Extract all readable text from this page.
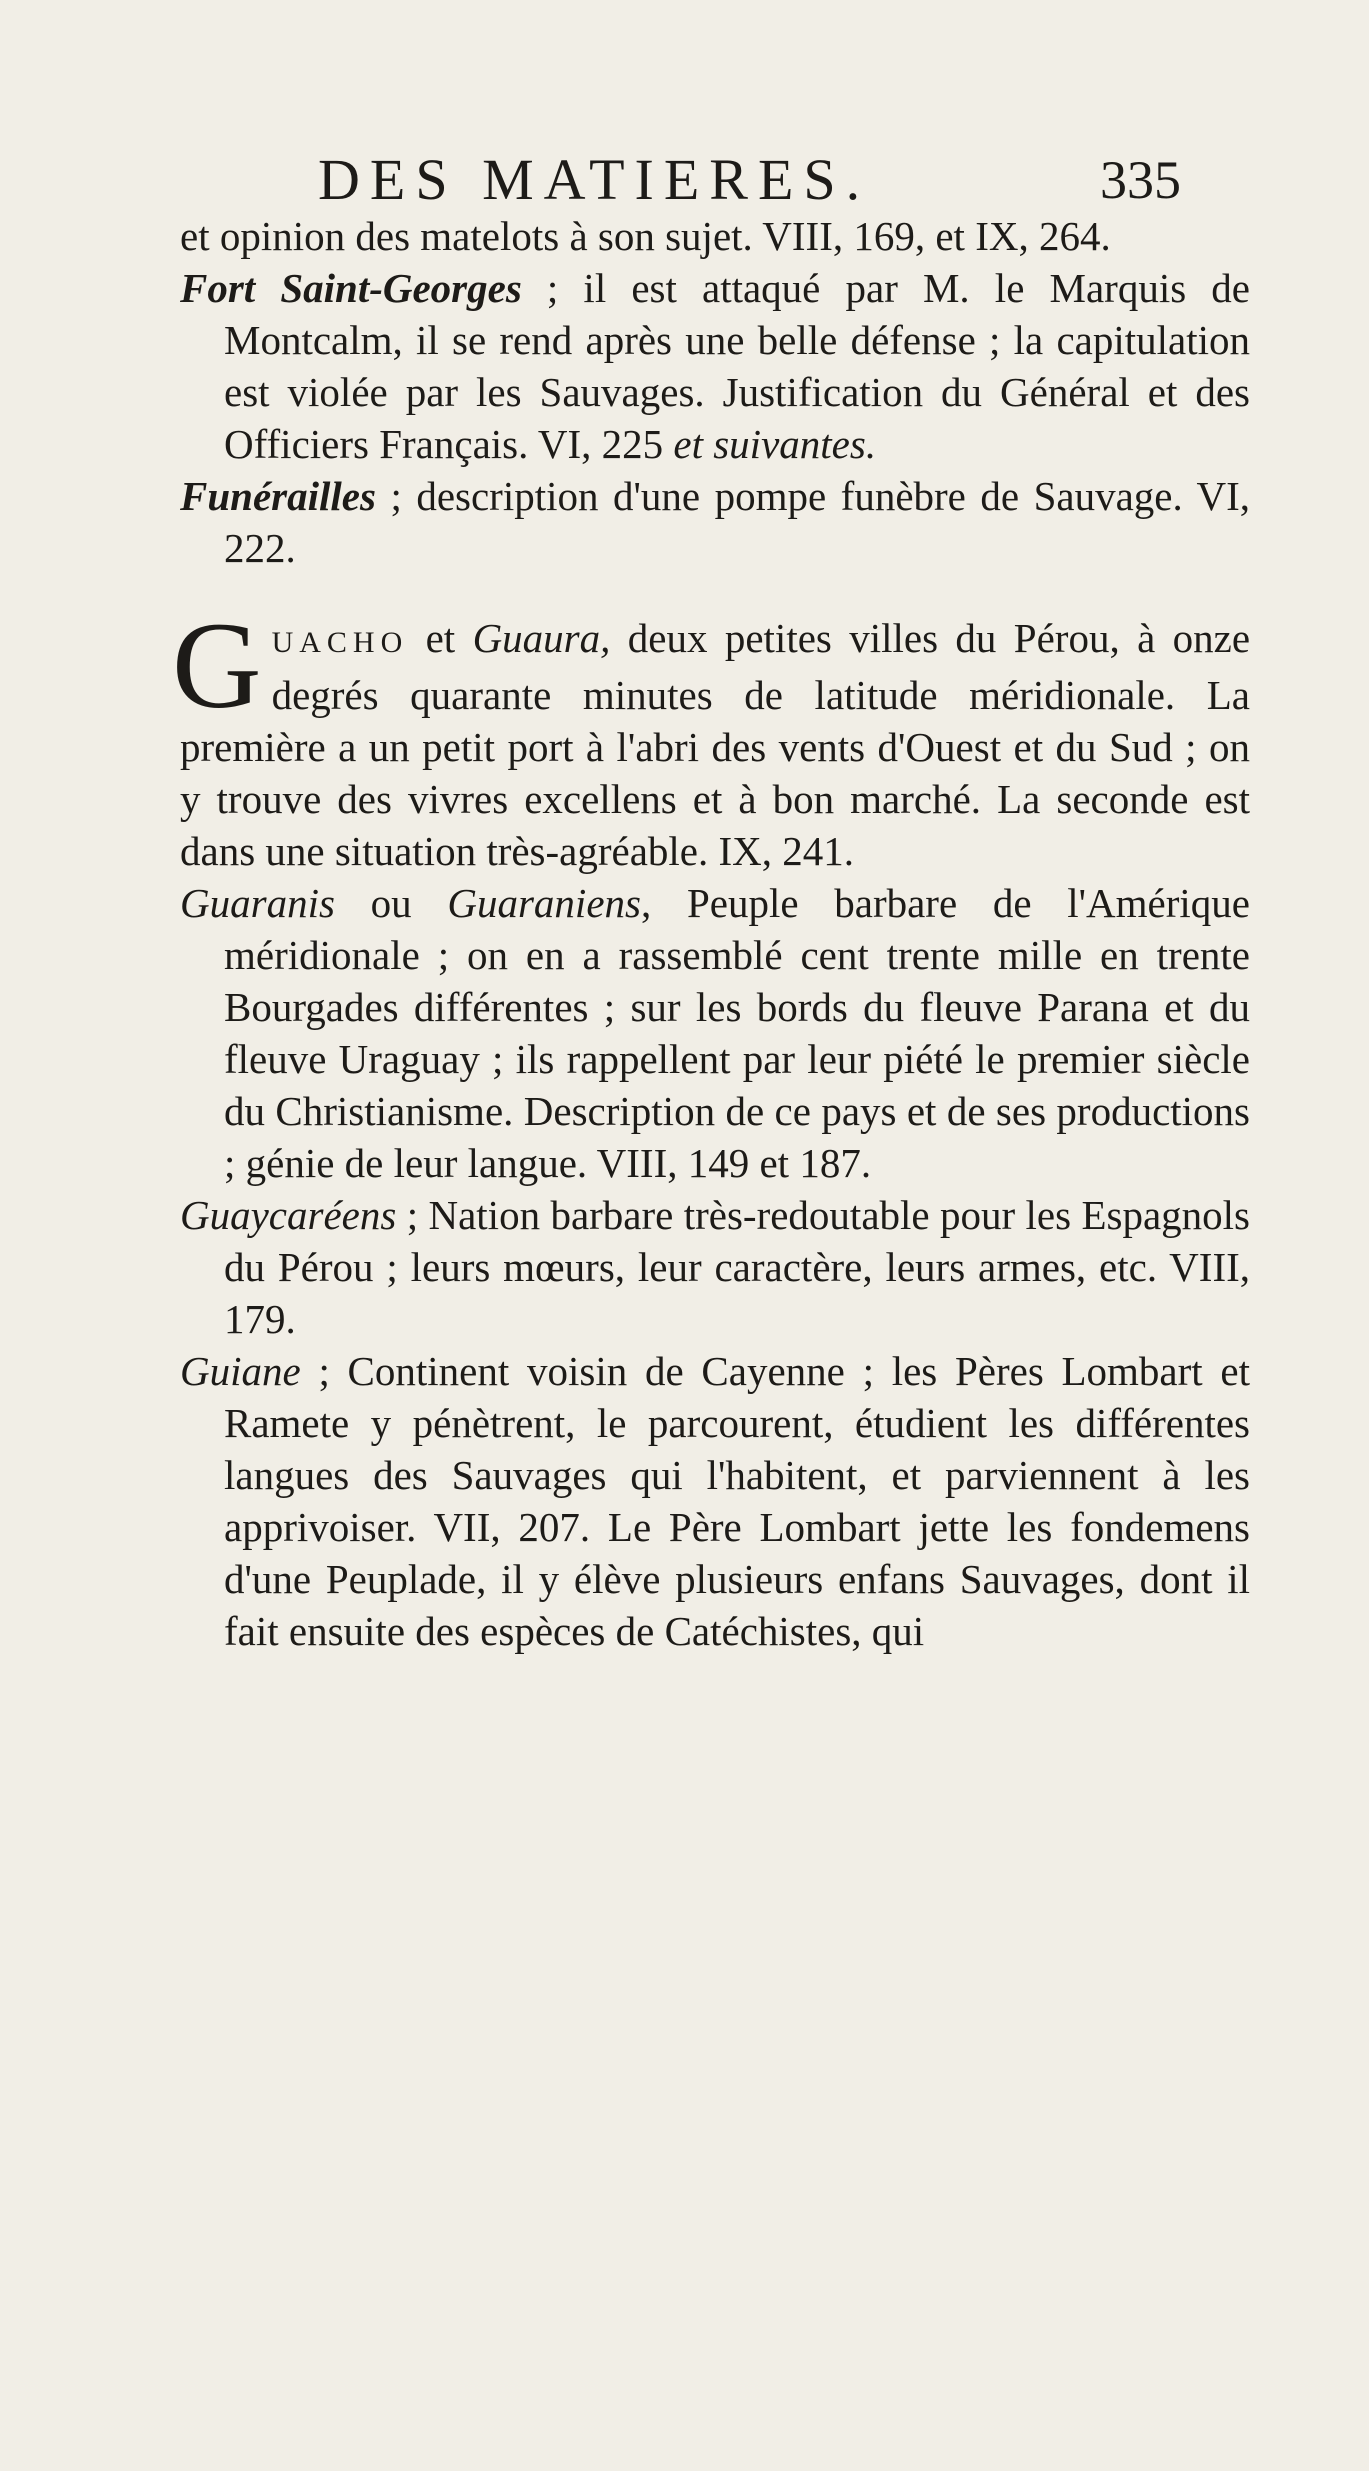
DES MATIERES.	335

et opinion des matelots à son sujet. VIII, 169, et IX, 264.

Fort Saint-Georges ; il est attaqué par M. le Marquis de Montcalm, il se rend après une belle défense ; la capitulation est violée par les Sauvages. Justification du Général et des Officiers Français. VI, 225 et suivantes.

Funérailles ; description d'une pompe funèbre de Sauvage. VI, 222.

G UACHO et Guaura, deux petites villes du Pérou, à onze degrés quarante minutes de latitude méridionale. La première a un petit port à l'abri des vents d'Ouest et du Sud ; on y trouve des vivres excellens et à bon marché. La seconde est dans une situation très-agréable. IX, 241.

Guaranis ou Guaraniens, Peuple barbare de l'Amérique méridionale ; on en a rassemblé cent trente mille en trente Bourgades différentes ; sur les bords du fleuve Parana et du fleuve Uraguay ; ils rappellent par leur piété le premier siècle du Christianisme. Description de ce pays et de ses productions ; génie de leur langue. VIII, 149 et 187.

Guaycaréens ; Nation barbare très-redoutable pour les Espagnols du Pérou ; leurs mœurs, leur caractère, leurs armes, etc. VIII, 179.

Guiane ; Continent voisin de Cayenne ; les Pères Lombart et Ramete y pénètrent, le parcourent, étudient les différentes langues des Sauvages qui l'habitent, et parviennent à les apprivoiser. VII, 207. Le Père Lombart jette les fondemens d'une Peuplade, il y élève plusieurs enfans Sauvages, dont il fait ensuite des espèces de Catéchistes, qui
